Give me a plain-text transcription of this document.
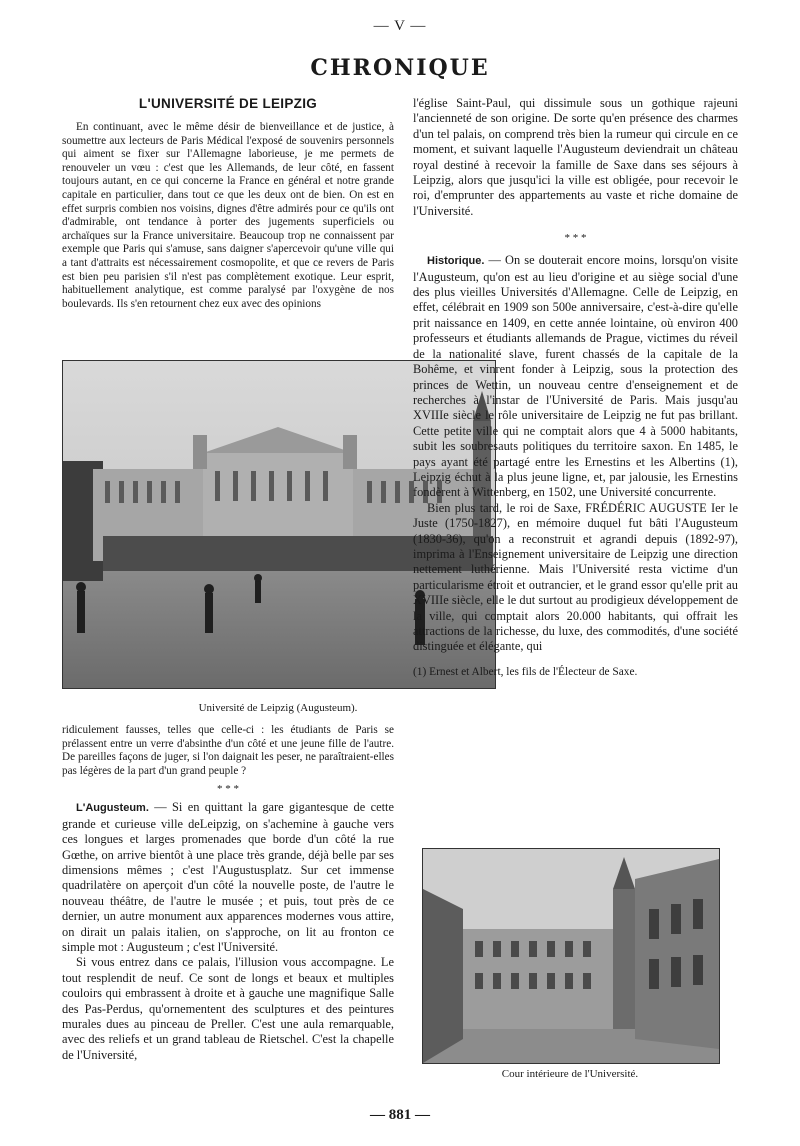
— V —
CHRONIQUE
L'UNIVERSITÉ DE LEIPZIG

En continuant, avec le même désir de bienveillance et de justice, à soumettre aux lecteurs de Paris Médical l'exposé de souvenirs personnels qui aiment se fixer sur l'Allemagne laborieuse, je me permets de renouveler un vœu : c'est que les Allemands, de leur côté, en fassent toujours autant, en ce qui concerne la France en général et notre grande capitale en particulier, dans tout ce que les deux ont de bien. On est en effet surpris combien nos voisins, dignes d'être admirés pour ce qu'ils ont d'admirable, ont tendance à porter des jugements superficiels ou archaïques sur la France universitaire. Beaucoup trop ne connaissent par exemple que Paris qui s'amuse, sans daigner s'apercevoir qu'une ville qui a tant d'attraits est nécessairement cosmopolite, et que ce revers de Paris est bien peu parisien s'il n'est pas complètement exotique. Leur esprit, habituellement analytique, est comme paralysé par l'oxygène de nos boulevards. Ils s'en retournent chez eux avec des opinions

Université de Leipzig (Augusteum).

ridiculement fausses, telles que celle-ci : les étudiants de Paris se prélassent entre un verre d'absinthe d'un côté et une jeune fille de l'autre. De pareilles façons de juger, si l'on daignait les peser, ne paraîtraient-elles pas légères de la part d'un grand peuple ?

* * *

L'Augusteum. — Si en quittant la gare gigantesque de cette grande et curieuse ville deLeipzig, on s'achemine à gauche vers ces longues et larges promenades que borde d'un côté la rue Gœthe, on arrive bientôt à une place très grande, déjà belle par ses dimensions mêmes ; c'est l'Augustusplatz. Sur cet immense quadrilatère on aperçoit d'un côté la nouvelle poste, de l'autre le nouveau théâtre, de l'autre le musée ; et puis, tout près de ce dernier, un autre monument aux apparences modernes vous attire, on dirait un palais italien, on s'approche, on lit au fronton ce simple mot : Augusteum ; c'est l'Université.

Si vous entrez dans ce palais, l'illusion vous accompagne. Le tout resplendit de neuf. Ce sont de longs et beaux et multiples couloirs qui embrassent à droite et à gauche une magnifique Salle des Pas-Perdus, qu'ornementent des sculptures et des peintures murales dues au pinceau de Preller. C'est une aula remarquable, avec des reliefs et un grand tableau de Rietschel. C'est la chapelle de l'Université,

l'église Saint-Paul, qui dissimule sous un gothique rajeuni l'ancienneté de son origine. De sorte qu'en présence des charmes d'un tel palais, on comprend très bien la rumeur qui circule en ce moment, et suivant laquelle l'Augusteum deviendrait un château royal destiné à recevoir la famille de Saxe dans ses séjours à Leipzig, alors que jusqu'ici la ville est obligée, pour recevoir le roi, d'emprunter des appartements au vaste et riche domaine de l'Université.

* * *

Historique. — On se douterait encore moins, lorsqu'on visite l'Augusteum, qu'on est au lieu d'origine et au siège social d'une des plus vieilles Universités d'Allemagne. Celle de Leipzig, en effet, célébrait en 1909 son 500e anniversaire, c'est-à-dire qu'elle prit naissance en 1409, en cette année lointaine, où environ 400 professeurs et étudiants allemands de Prague, victimes du réveil de la nationalité slave, furent chassés de la capitale de la Bohême, et vinrent fonder à Leipzig, sous la protection des princes de Wettin, un nouveau centre d'enseignement et de recherches à l'instar de l'Université de Paris. Mais jusqu'au XVIIIe siècle le rôle universitaire de Leipzig ne fut pas brillant. Cette petite ville qui ne comptait alors que 4 à 5000 habitants, subit les soubresauts politiques du territoire saxon. En 1485, le pays ayant été partagé entre les Ernestins et les Albertins (1), Leipzig échut à la plus jeune ligne, et, par jalousie, les Ernestins fondèrent à Wittenberg, en 1502, une Université concurrente.

Bien plus tard, le roi de Saxe, FRÉDÉRIC AUGUSTE Ier le Juste (1750-1827), en mémoire duquel fut bâti l'Augusteum (1830-36), qu'on a reconstruit et agrandi depuis (1892-97), imprima à l'Enseignement universitaire de Leipzig une direction nettement luthérienne. Mais l'Université resta victime d'un particularisme étroit et outrancier, et le grand essor qu'elle prit au XVIIIe siècle, elle le dut surtout au prodigieux développement de la ville, qui comptait alors 20.000 habitants, qui offrait les attractions de la richesse, du luxe, des commodités, d'une société distinguée et élégante, qui

(1) Ernest et Albert, les fils de l'Électeur de Saxe.

Cour intérieure de l'Université.
— 881 —
